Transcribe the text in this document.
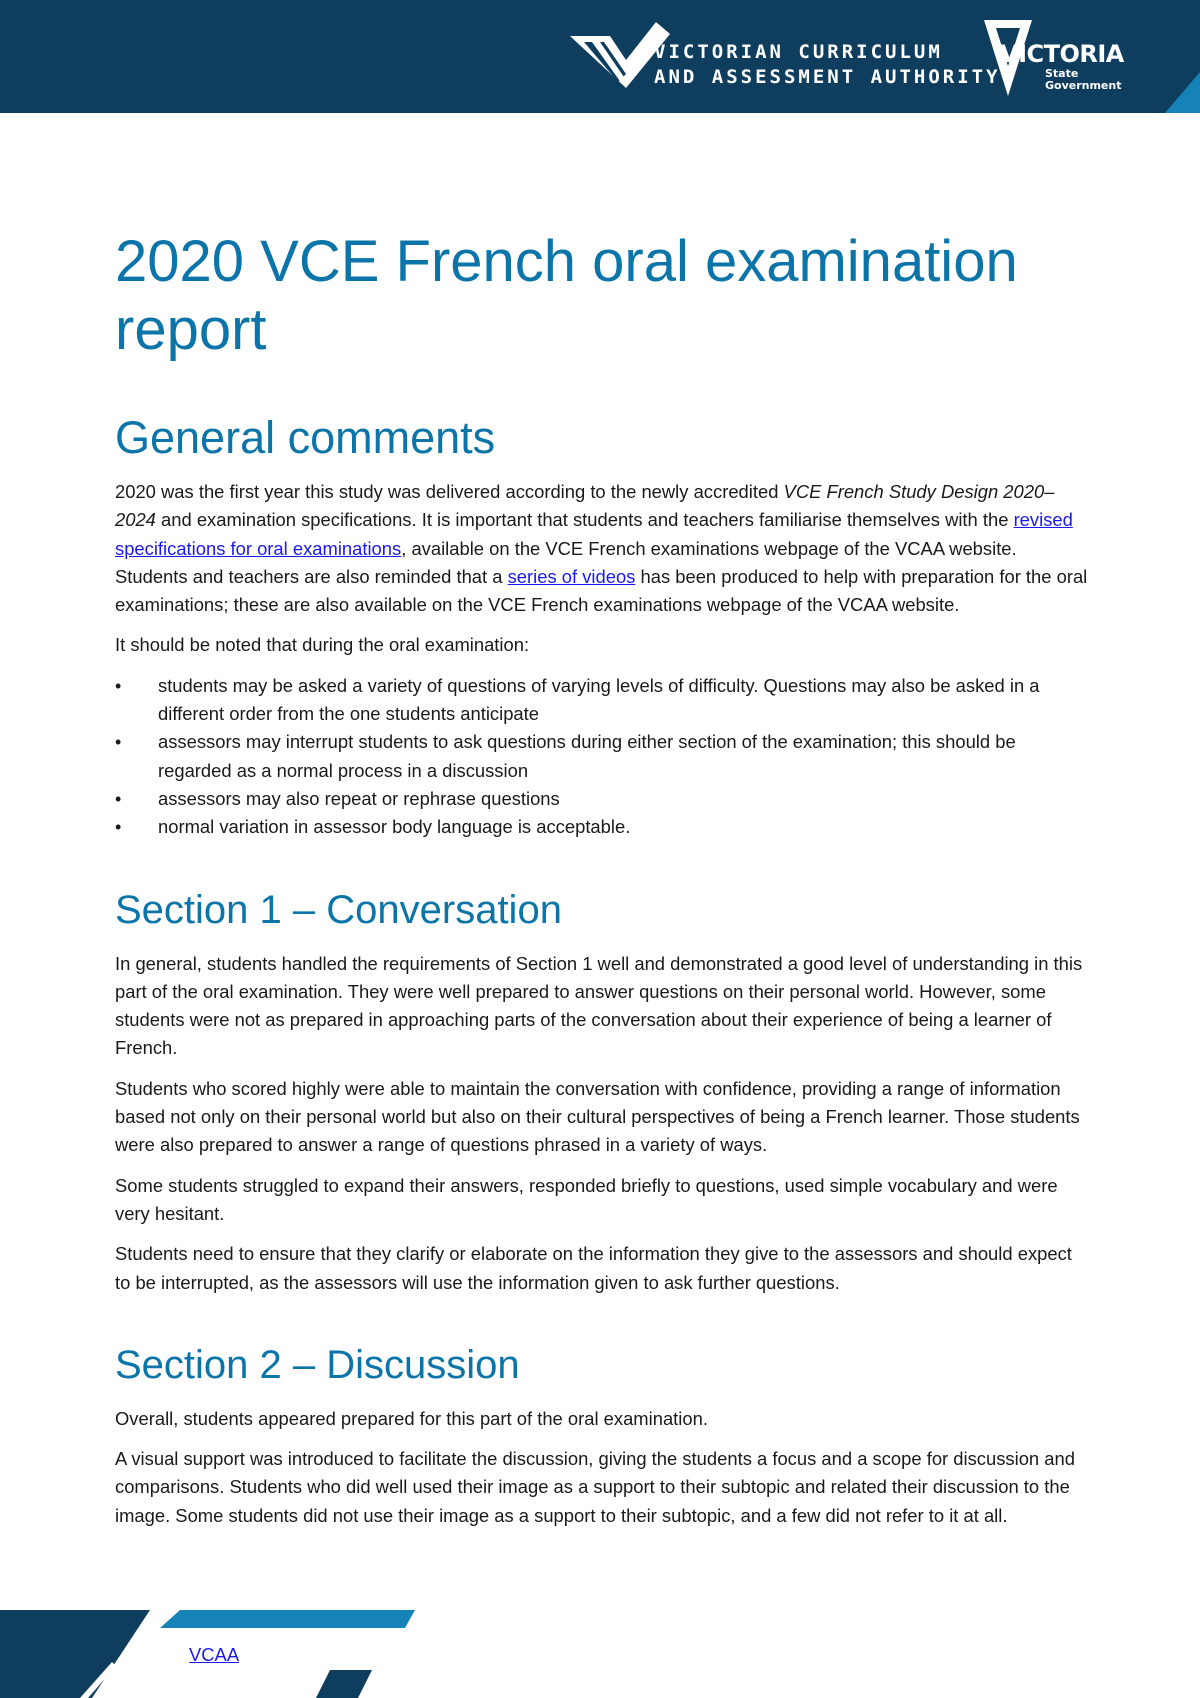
VICTORIAN CURRICULUM
AND ASSESSMENT AUTHORITY
VICTORIA
State
Government
2020 VCE French oral examination report
General comments

2020 was the first year this study was delivered according to the newly accredited VCE French Study Design 2020–2024 and examination specifications. It is important that students and teachers familiarise themselves with the revised specifications for oral examinations, available on the VCE French examinations webpage of the VCAA website. Students and teachers are also reminded that a series of videos has been produced to help with preparation for the oral examinations; these are also available on the VCE French examinations webpage of the VCAA website.

It should be noted that during the oral examination:

• students may be asked a variety of questions of varying levels of difficulty. Questions may also be asked in a different order from the one students anticipate
• assessors may interrupt students to ask questions during either section of the examination; this should be regarded as a normal process in a discussion
• assessors may also repeat or rephrase questions
• normal variation in assessor body language is acceptable.
Section 1 – Conversation

In general, students handled the requirements of Section 1 well and demonstrated a good level of understanding in this part of the oral examination. They were well prepared to answer questions on their personal world. However, some students were not as prepared in approaching parts of the conversation about their experience of being a learner of French.

Students who scored highly were able to maintain the conversation with confidence, providing a range of information based not only on their personal world but also on their cultural perspectives of being a French learner. Those students were also prepared to answer a range of questions phrased in a variety of ways.

Some students struggled to expand their answers, responded briefly to questions, used simple vocabulary and were very hesitant.

Students need to ensure that they clarify or elaborate on the information they give to the assessors and should expect to be interrupted, as the assessors will use the information given to ask further questions.

Section 2 – Discussion

Overall, students appeared prepared for this part of the oral examination.

A visual support was introduced to facilitate the discussion, giving the students a focus and a scope for discussion and comparisons. Students who did well used their image as a support to their subtopic and related their discussion to the image. Some students did not use their image as a support to their subtopic, and a few did not refer to it at all.

VCAA
